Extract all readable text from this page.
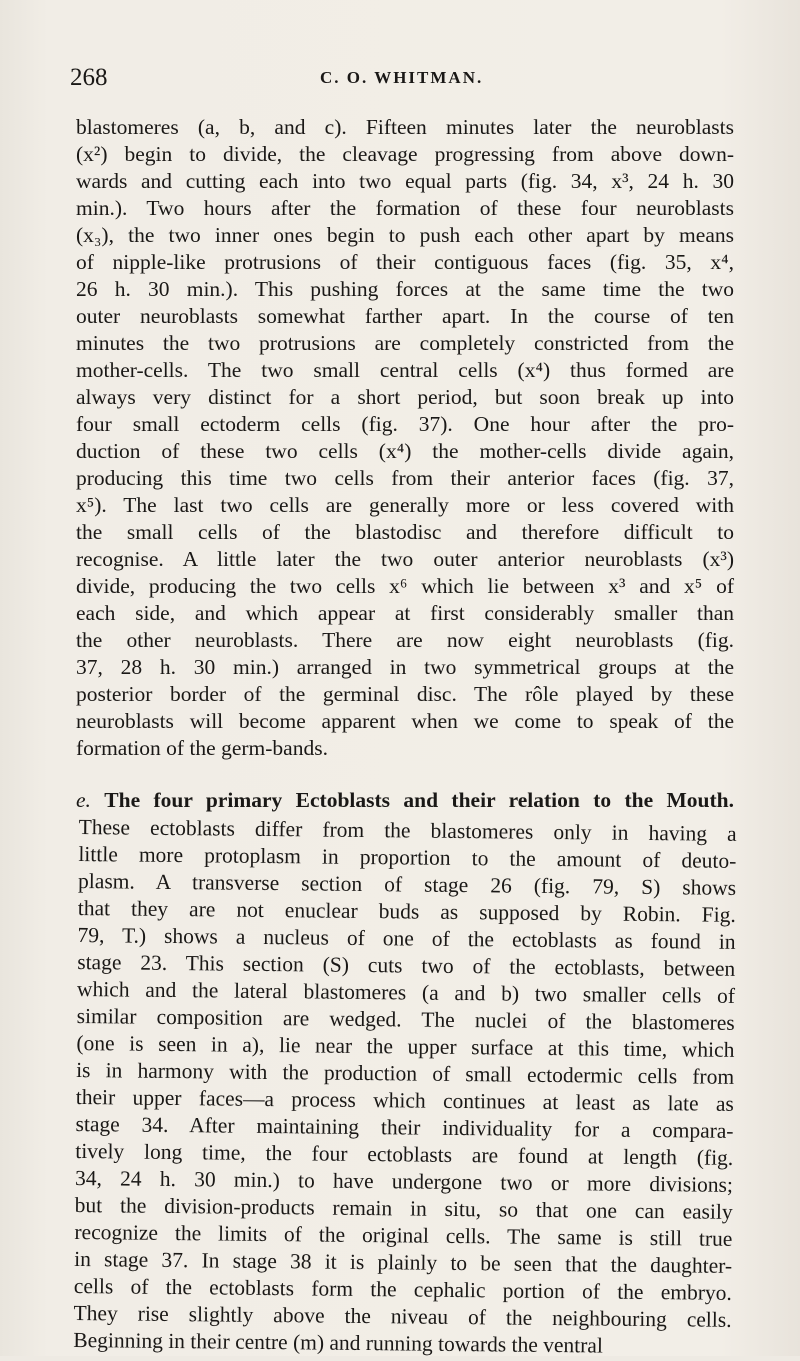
268	C. O. WHITMAN.
blastomeres (a, b, and c). Fifteen minutes later the neuroblasts
(x²) begin to divide, the cleavage progressing from above down-
wards and cutting each into two equal parts (fig. 34, x³, 24 h. 30
min.). Two hours after the formation of these four neuroblasts
(x₃), the two inner ones begin to push each other apart by means
of nipple-like protrusions of their contiguous faces (fig. 35, x⁴,
26 h. 30 min.). This pushing forces at the same time the two
outer neuroblasts somewhat farther apart. In the course of ten
minutes the two protrusions are completely constricted from the
mother-cells. The two small central cells (x⁴) thus formed are
always very distinct for a short period, but soon break up into
four small ectoderm cells (fig. 37). One hour after the pro-
duction of these two cells (x⁴) the mother-cells divide again,
producing this time two cells from their anterior faces (fig. 37,
x⁵). The last two cells are generally more or less covered with
the small cells of the blastodisc and therefore difficult to
recognise. A little later the two outer anterior neuroblasts (x³)
divide, producing the two cells x⁶ which lie between x³ and x⁵ of
each side, and which appear at first considerably smaller than
the other neuroblasts. There are now eight neuroblasts (fig.
37, 28 h. 30 min.) arranged in two symmetrical groups at the
posterior border of the germinal disc. The rôle played by these
neuroblasts will become apparent when we come to speak of the
formation of the germ-bands.
e. The four primary Ectoblasts and their relation to the Mouth.
These ectoblasts differ from the blastomeres only in having a
little more protoplasm in proportion to the amount of deuto-
plasm. A transverse section of stage 26 (fig. 79, S) shows
that they are not enuclear buds as supposed by Robin. Fig.
79, T.) shows a nucleus of one of the ectoblasts as found in
stage 23. This section (S) cuts two of the ectoblasts, between
which and the lateral blastomeres (a and b) two smaller cells of
similar composition are wedged. The nuclei of the blastomeres
(one is seen in a), lie near the upper surface at this time, which
is in harmony with the production of small ectodermic cells from
their upper faces—a process which continues at least as late as
stage 34. After maintaining their individuality for a compara-
tively long time, the four ectoblasts are found at length (fig.
34, 24 h. 30 min.) to have undergone two or more divisions;
but the division-products remain in situ, so that one can easily
recognize the limits of the original cells. The same is still true
in stage 37. In stage 38 it is plainly to be seen that the daughter-
cells of the ectoblasts form the cephalic portion of the embryo.
They rise slightly above the niveau of the neighbouring cells.
Beginning in their centre (m) and running towards the ventral
